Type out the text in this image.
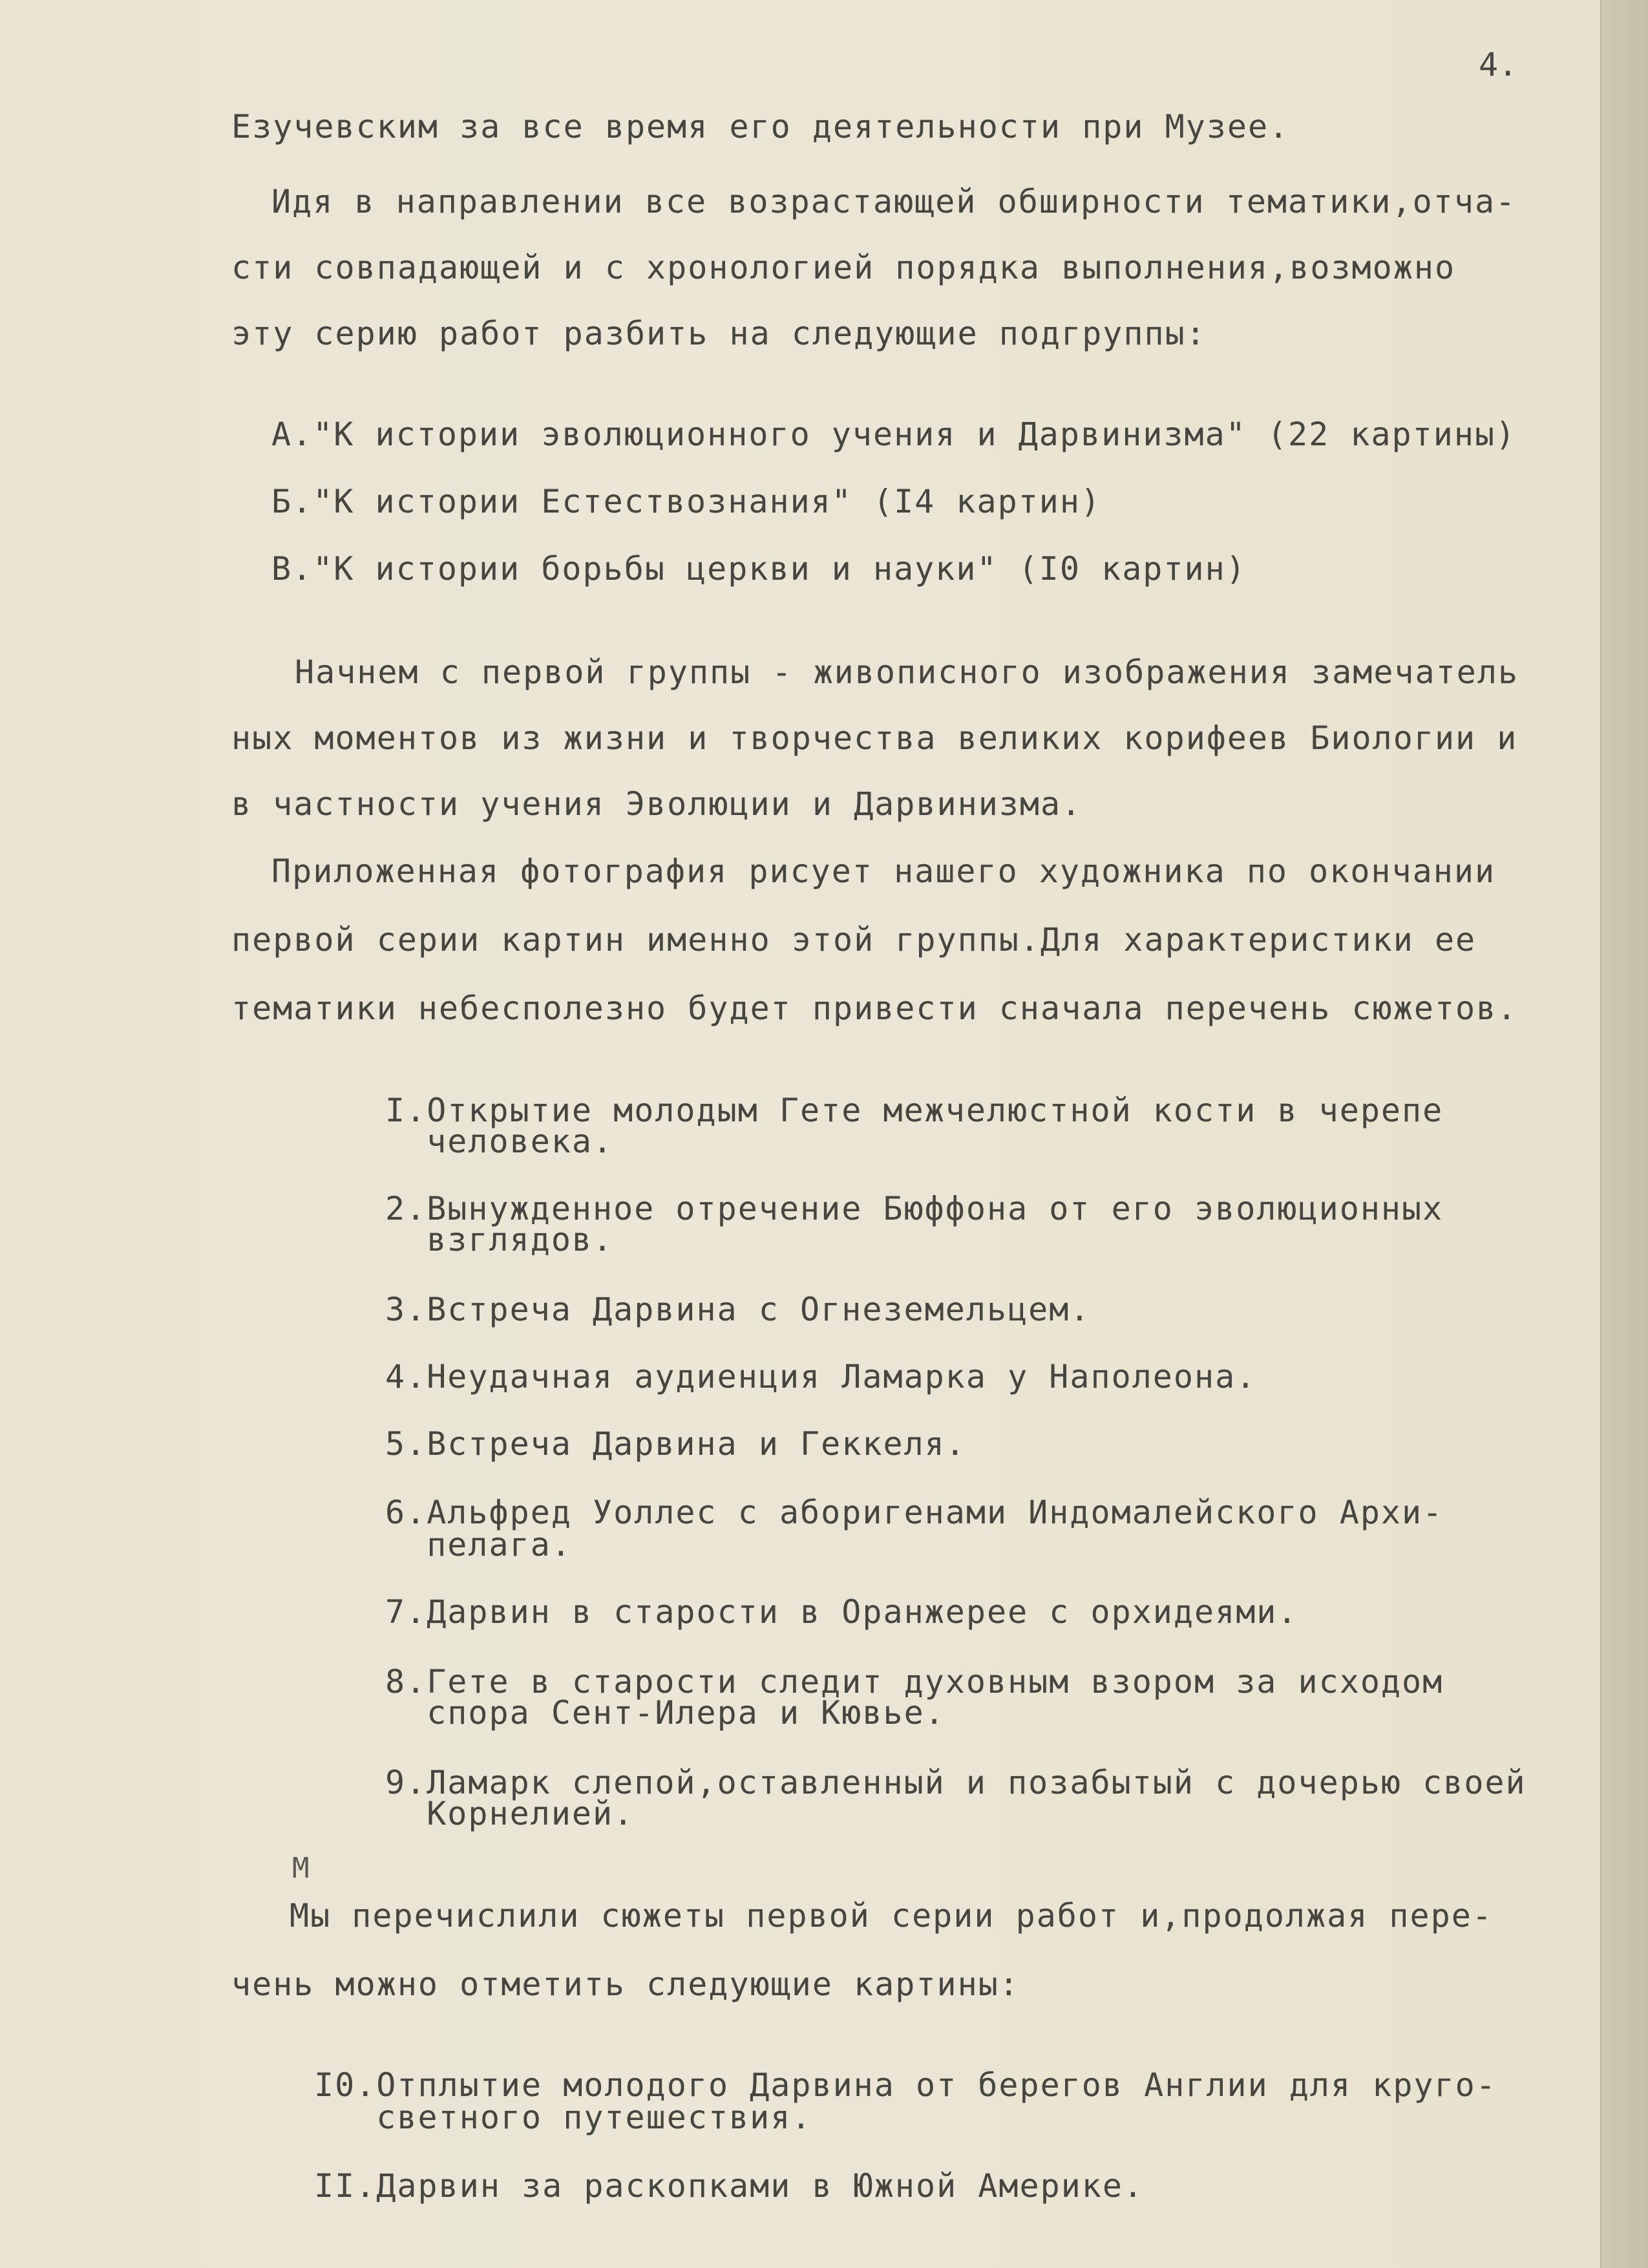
4.
Езучевским за все время его деятельности при Музее.
Идя в направлении все возрастающей обширности тематики,отча-
сти совпадающей и с хронологией порядка выполнения,возможно
эту серию работ разбить на следующие подгруппы:
А."К истории эволюционного учения и Дарвинизма" (22 картины)
Б."К истории Естествознания" (I4 картин)
В."К истории борьбы церкви и науки" (I0 картин)
Начнем с первой группы - живописного изображения замечатель
ных моментов из жизни и творчества великих корифеев Биологии и
в частности учения Эволюции и Дарвинизма.
Приложенная фотография рисует нашего художника по окончании
первой серии картин именно этой группы.Для характеристики ее
тематики небесполезно будет привести сначала перечень сюжетов.
I.Открытие молодым Гете межчелюстной кости в черепе
человека.
2.Вынужденное отречение Бюффона от его эволюционных
взглядов.
3.Встреча Дарвина с Огнеземельцем.
4.Неудачная аудиенция Ламарка у Наполеона.
5.Встреча Дарвина и Геккеля.
6.Альфред Уоллес с аборигенами Индомалейского Архи-
пелага.
7.Дарвин в старости в Оранжерее с орхидеями.
8.Гете в старости следит духовным взором за исходом
спора Сент-Илера и Кювье.
9.Ламарк слепой,оставленный и позабытый с дочерью своей
Корнелией.
М
Мы перечислили сюжеты первой серии работ и,продолжая пере-
чень можно отметить следующие картины:
I0.Отплытие молодого Дарвина от берегов Англии для круго-
светного путешествия.
II.Дарвин за раскопками в Южной Америке.
